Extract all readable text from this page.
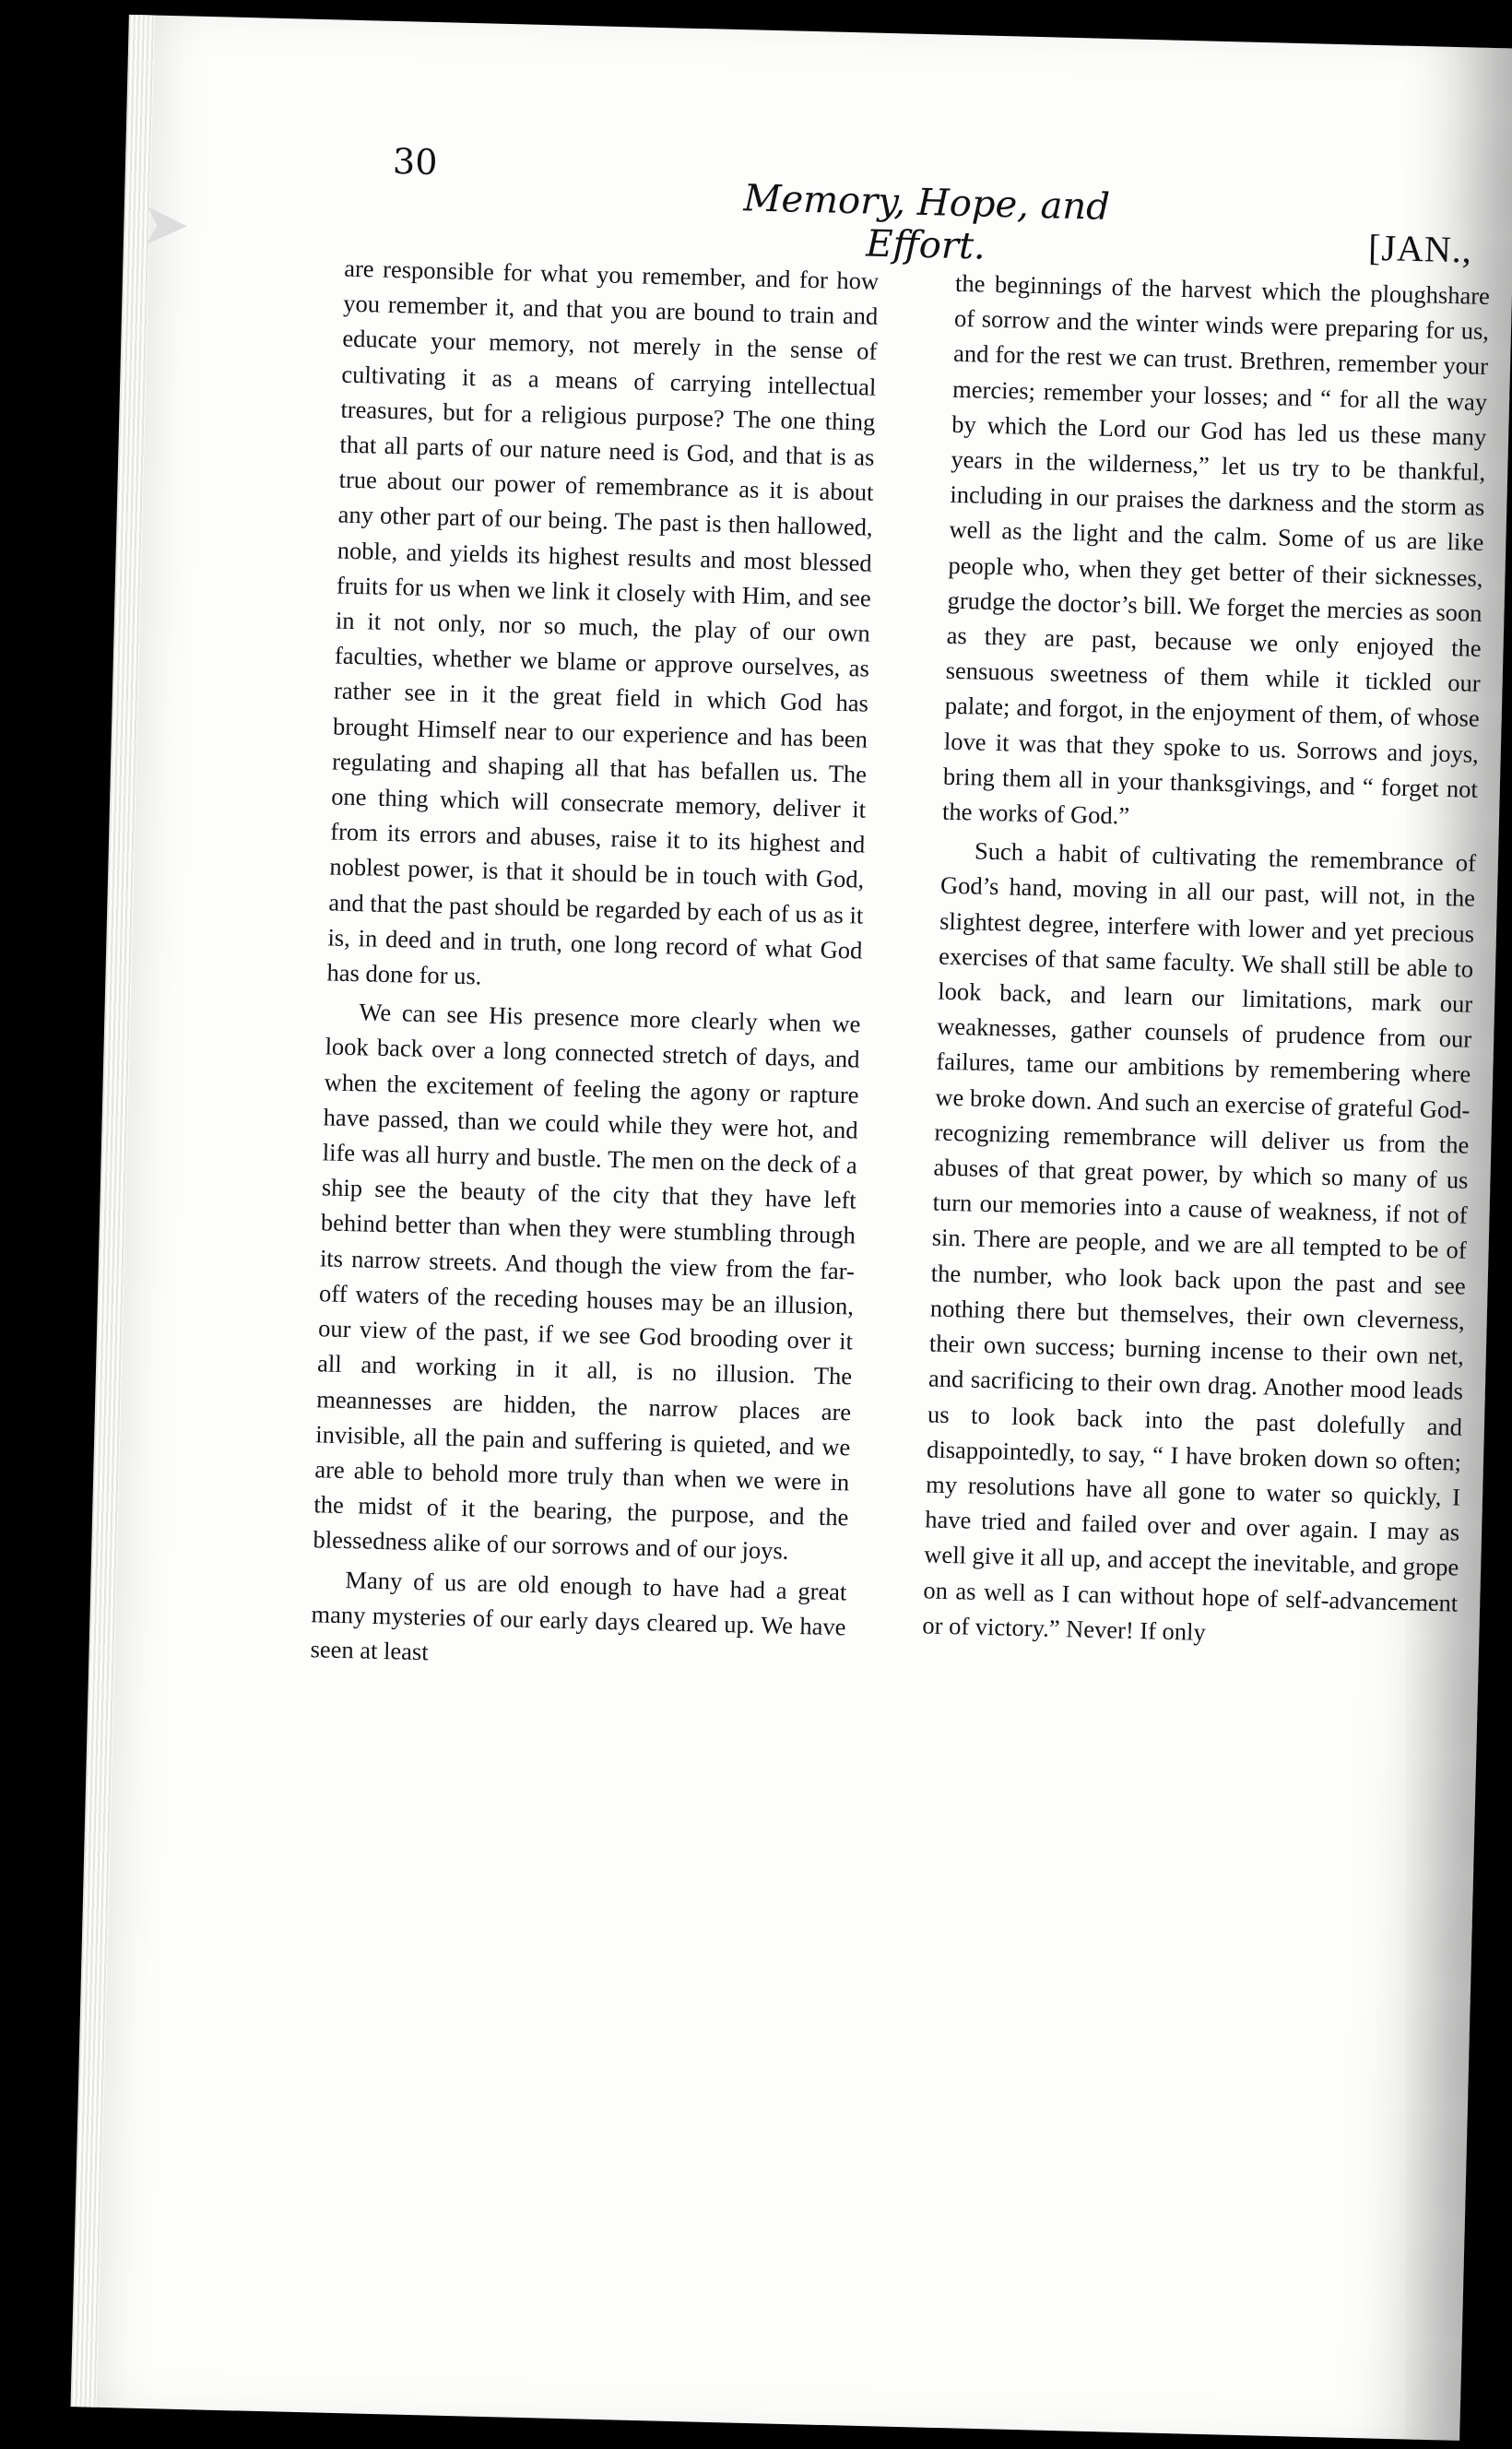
➤
30
Memory, Hope, and Effort.	[JAN.,

are responsible for what you remember, and for how you remember it, and that you are bound to train and educate your memory, not merely in the sense of cultivating it as a means of carrying intellectual treasures, but for a religious purpose? The one thing that all parts of our nature need is God, and that is as true about our power of remembrance as it is about any other part of our being. The past is then hallowed, noble, and yields its highest results and most blessed fruits for us when we link it closely with Him, and see in it not only, nor so much, the play of our own faculties, whether we blame or approve ourselves, as rather see in it the great field in which God has brought Himself near to our experience and has been regulating and shaping all that has befallen us. The one thing which will consecrate memory, deliver it from its errors and abuses, raise it to its highest and noblest power, is that it should be in touch with God, and that the past should be regarded by each of us as it is, in deed and in truth, one long record of what God has done for us.

We can see His presence more clearly when we look back over a long connected stretch of days, and when the excitement of feeling the agony or rapture have passed, than we could while they were hot, and life was all hurry and bustle. The men on the deck of a ship see the beauty of the city that they have left behind better than when they were stumbling through its narrow streets. And though the view from the far-off waters of the receding houses may be an illusion, our view of the past, if we see God brooding over it all and working in it all, is no illusion. The meannesses are hidden, the narrow places are invisible, all the pain and suffering is quieted, and we are able to behold more truly than when we were in the midst of it the bearing, the purpose, and the blessedness alike of our sorrows and of our joys.

Many of us are old enough to have had a great many mysteries of our early days cleared up. We have seen at least

the beginnings of the harvest which the ploughshare of sorrow and the winter winds were preparing for us, and for the rest we can trust. Brethren, remember your mercies; remember your losses; and “ for all the way by which the Lord our God has led us these many years in the wilderness,” let us try to be thankful, including in our praises the darkness and the storm as well as the light and the calm. Some of us are like people who, when they get better of their sicknesses, grudge the doctor’s bill. We forget the mercies as soon as they are past, because we only enjoyed the sensuous sweetness of them while it tickled our palate; and forgot, in the enjoyment of them, of whose love it was that they spoke to us. Sorrows and joys, bring them all in your thanksgivings, and “ forget not the works of God.”

Such a habit of cultivating the remembrance of God’s hand, moving in all our past, will not, in the slightest degree, interfere with lower and yet precious exercises of that same faculty. We shall still be able to look back, and learn our limitations, mark our weaknesses, gather counsels of prudence from our failures, tame our ambitions by remembering where we broke down. And such an exercise of grateful God-recognizing remembrance will deliver us from the abuses of that great power, by which so many of us turn our memories into a cause of weakness, if not of sin. There are people, and we are all tempted to be of the number, who look back upon the past and see nothing there but themselves, their own cleverness, their own success; burning incense to their own net, and sacrificing to their own drag. Another mood leads us to look back into the past dolefully and disappointedly, to say, “ I have broken down so often; my resolutions have all gone to water so quickly, I have tried and failed over and over again. I may as well give it all up, and accept the inevitable, and grope on as well as I can without hope of self-advancement or of victory.” Never! If only
